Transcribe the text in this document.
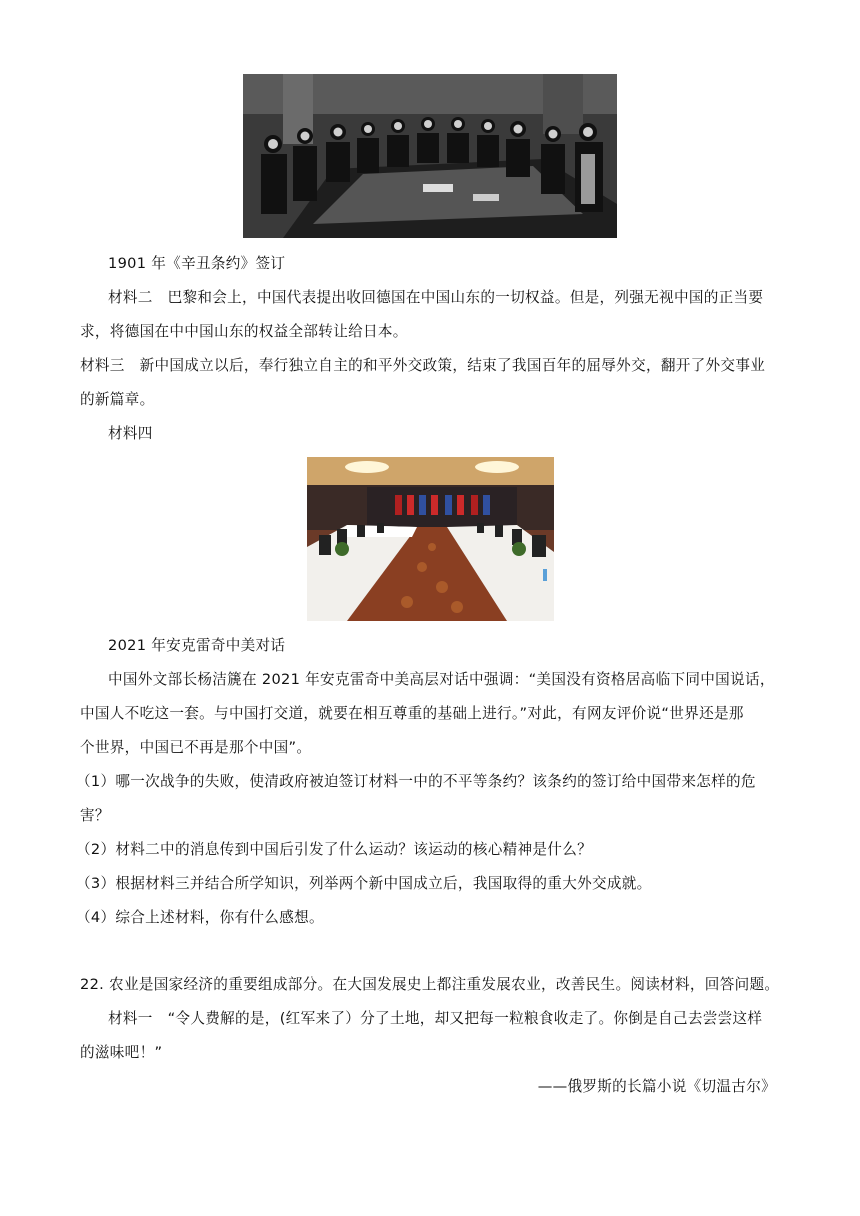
1901 年《辛丑条约》签订
材料二　巴黎和会上，中国代表提出收回德国在中国山东的一切权益。但是，列强无视中国的正当要
求，将德国在中中国山东的权益全部转让给日本。
材料三　新中国成立以后，奉行独立自主的和平外交政策，结束了我国百年的屈辱外交，翻开了外交事业
的新篇章。
材料四
2021 年安克雷奇中美对话
中国外文部长杨洁篪在 2021 年安克雷奇中美高层对话中强调：“美国没有资格居高临下同中国说话，
中国人不吃这一套。与中国打交道，就要在相互尊重的基础上进行。”对此，有网友评价说“世界还是那
个世界，中国已不再是那个中国”。
（1）哪一次战争的失败，使清政府被迫签订材料一中的不平等条约？该条约的签订给中国带来怎样的危
害？
（2）材料二中的消息传到中国后引发了什么运动？该运动的核心精神是什么？
（3）根据材料三并结合所学知识，列举两个新中国成立后，我国取得的重大外交成就。
（4）综合上述材料，你有什么感想。
22. 农业是国家经济的重要组成部分。在大国发展史上都注重发展农业，改善民生。阅读材料，回答问题。
材料一　“令人费解的是，(红军来了）分了土地，却又把每一粒粮食收走了。你倒是自己去尝尝这样
的滋味吧！”
——俄罗斯的长篇小说《切温古尔》
